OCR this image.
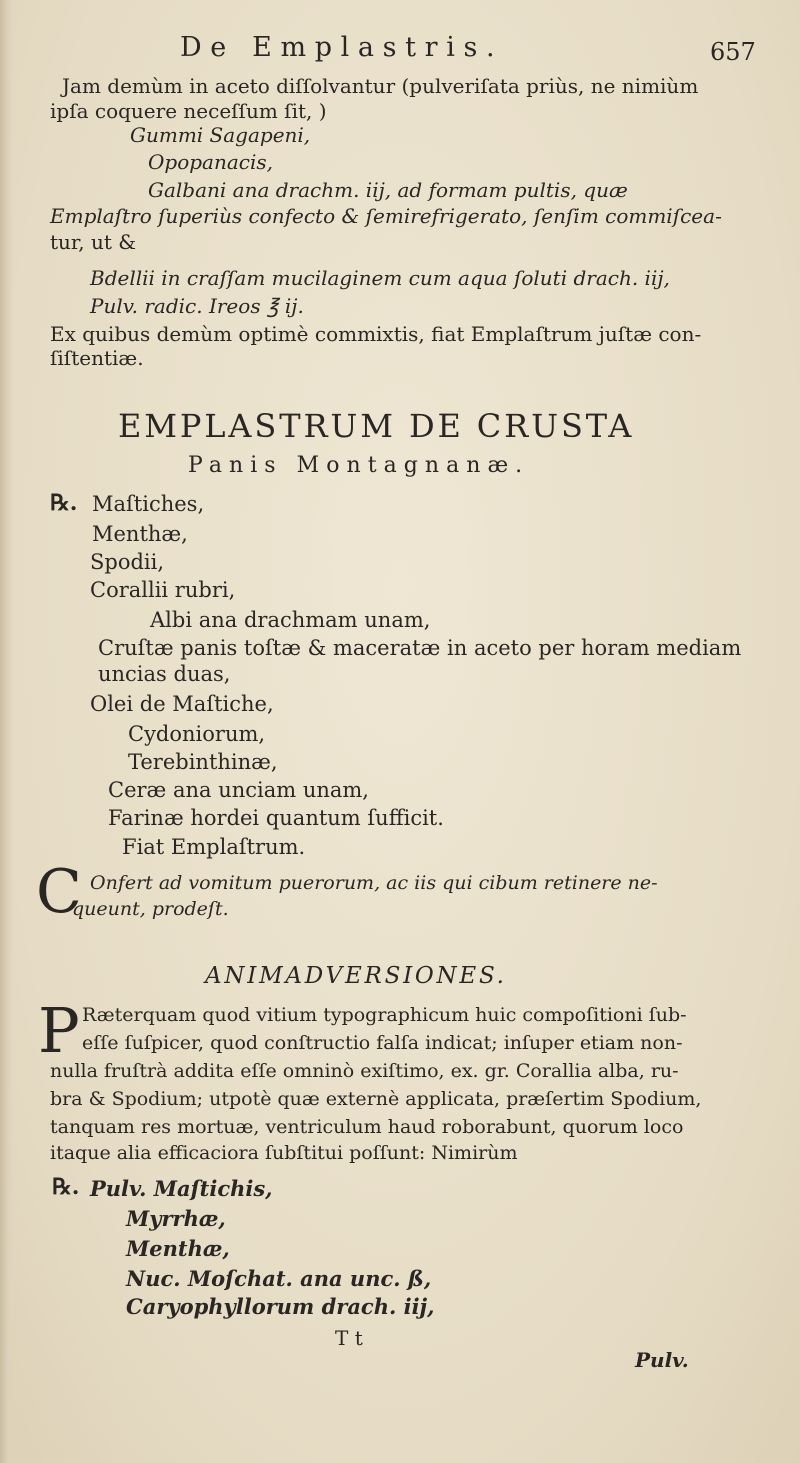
De Emplastris.	657
Jam demùm in aceto diſſolvantur (pulveriſata priùs, ne nimiùm
ipſa coquere neceſſum ſit, )
Gummi Sagapeni,
Opopanacis,
Galbani ana drachm. iij, ad formam pultis, quæ
Emplaſtro ſuperiùs confecto & ſemirefrigerato, ſenſim commiſcea-
tur, ut &
Bdellii in craſſam mucilaginem cum aqua ſoluti drach. iij,
Pulv. radic. Ireos ℥ ij.
Ex quibus demùm optimè commixtis, fiat Emplaſtrum juſtæ con-
ſiſtentiæ.
EMPLASTRUM DE CRUSTA
Panis Montagnanæ.
℞. Maſtiches,
Menthæ,
Spodii,
Corallii rubri,
Albi ana drachmam unam,
Cruſtæ panis toſtæ & maceratæ in aceto per horam mediam
uncias duas,
Olei de Maſtiche,
Cydoniorum,
Terebinthinæ,
Ceræ ana unciam unam,
Farinæ hordei quantum ſufficit.
Fiat Emplaſtrum.
C Onfert ad vomitum puerorum, ac iis qui cibum retinere ne-
queunt, prodeſt.
ANIMADVERSIONES.
P Ræterquam quod vitium typographicum huic compoſitioni ſub-
eſſe ſuſpicer, quod conſtructio falſa indicat; inſuper etiam non-
nulla fruſtrà addita eſſe omninò exiſtimo, ex. gr. Corallia alba, ru-
bra & Spodium; utpotè quæ externè applicata, præſertim Spodium,
tanquam res mortuæ, ventriculum haud roborabunt, quorum loco
itaque alia efficaciora ſubſtitui poſſunt: Nimirùm
℞. Pulv. Maſtichis,
Myrrhæ,
Menthæ,
Nuc. Moſchat. ana unc. ß,
Caryophyllorum drach. iij,
T t
Pulv.
